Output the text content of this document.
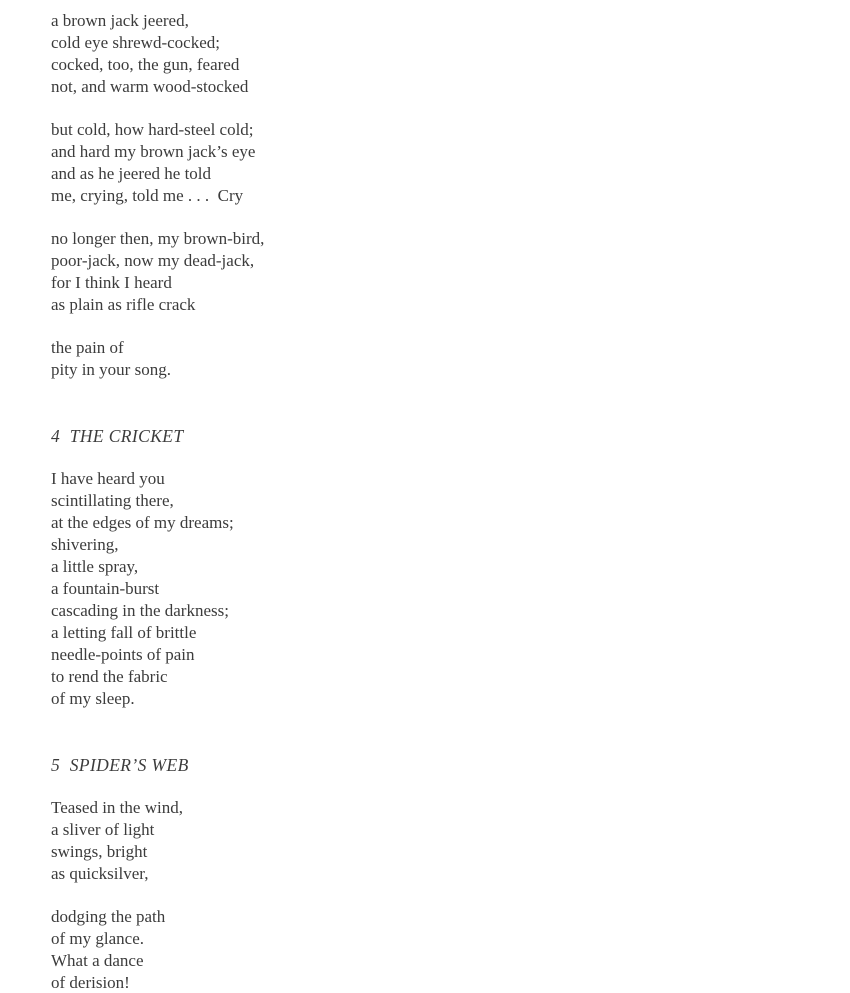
a brown jack jeered,
cold eye shrewd-cocked;
cocked, too, the gun, feared
not, and warm wood-stocked
but cold, how hard-steel cold;
and hard my brown jack’s eye
and as he jeered he told
me, crying, told me . . .  Cry
no longer then, my brown-bird,
poor-jack, now my dead-jack,
for I think I heard
as plain as rifle crack
the pain of
pity in your song.
4  THE CRICKET
I have heard you
scintillating there,
at the edges of my dreams;
shivering,
a little spray,
a fountain-burst
cascading in the darkness;
a letting fall of brittle
needle-points of pain
to rend the fabric
of my sleep.
5  SPIDER’S WEB
Teased in the wind,
a sliver of light
swings, bright
as quicksilver,
dodging the path
of my glance.
What a dance
of derision!
